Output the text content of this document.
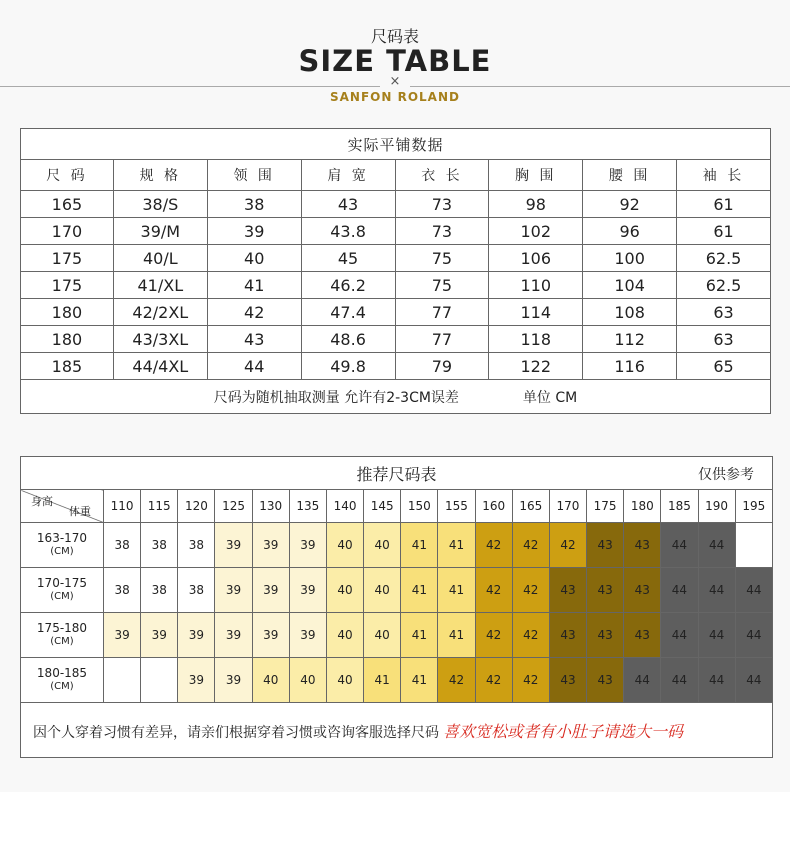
尺码表
SIZE TABLE
×
SANFON ROLAND
实际平铺数据							
尺 码	规 格	领 围	肩 宽	衣 长	胸 围	腰 围	袖 长
165	38/S	38	43	73	98	92	61
170	39/M	39	43.8	73	102	96	61
175	40/L	40	45	75	106	100	62.5
175	41/XL	41	46.2	75	110	104	62.5
180	42/2XL	42	47.4	77	114	108	63
180	43/3XL	43	48.6	77	118	112	63
185	44/4XL	44	49.8	79	122	116	65
尺码为随机抽取测量 允许有2-3CM误差 单位 CM							
推荐尺码表 仅供参考																		

身高
体重	110	115	120	125	130	135	140	145	150	155	160	165	170	175	180	185	190	195
163-170
(CM)	38	38	38	39	39	39	40	40	41	41	42	42	42	43	43	44	44	
170-175
(CM)	38	38	38	39	39	39	40	40	41	41	42	42	43	43	43	44	44	44
175-180
(CM)	39	39	39	39	39	39	40	40	41	41	42	42	43	43	43	44	44	44
180-185
(CM)			39	39	40	40	40	41	41	42	42	42	43	43	44	44	44	44
因个人穿着习惯有差异，请亲们根据穿着习惯或咨询客服选择尺码 喜欢宽松或者有小肚子请选大一码																		
